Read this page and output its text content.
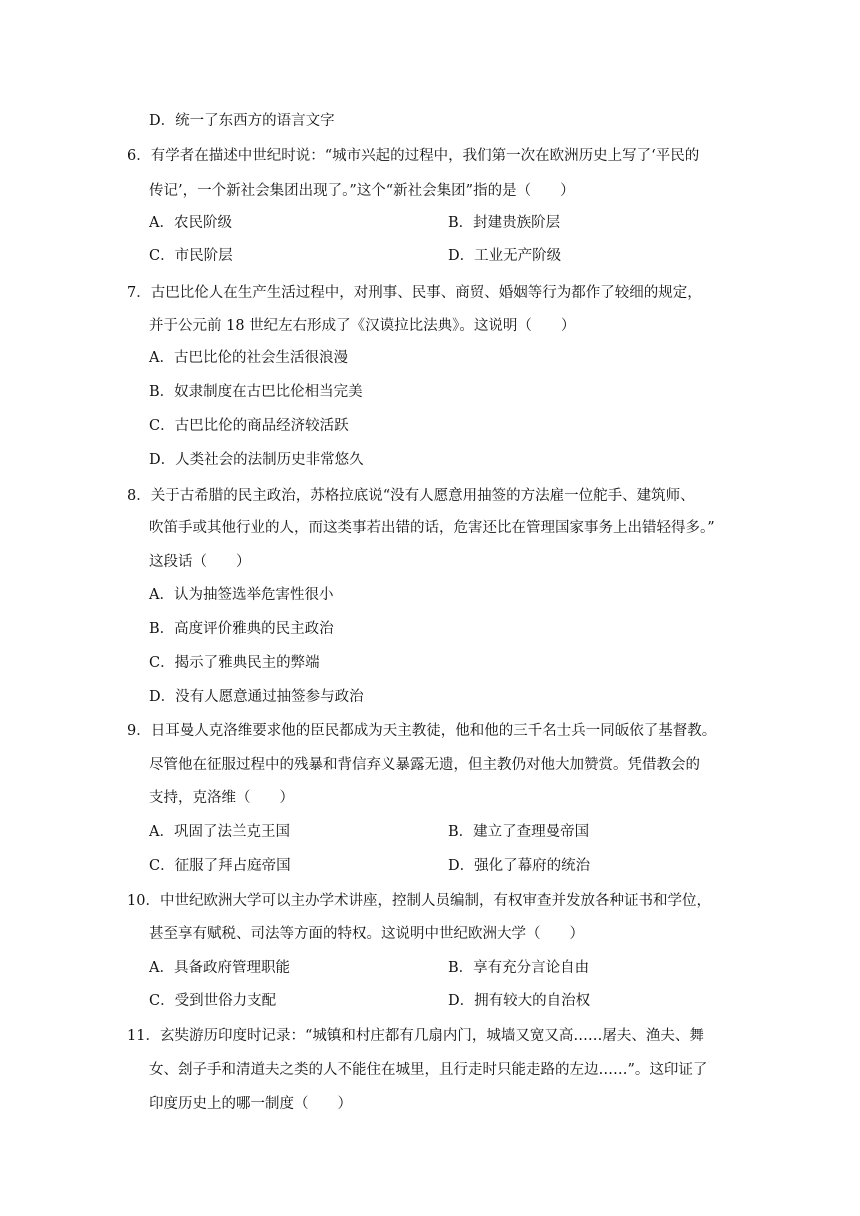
D．统一了东西方的语言文字
6．有学者在描述中世纪时说：“城市兴起的过程中，我们第一次在欧洲历史上写了‘平民的
传记’，一个新社会集团出现了。”这个“新社会集团”指的是（　　）
A．农民阶级	B．封建贵族阶层
C．市民阶层	D．工业无产阶级
7．古巴比伦人在生产生活过程中，对刑事、民事、商贸、婚姻等行为都作了较细的规定，
并于公元前 18 世纪左右形成了《汉谟拉比法典》。这说明（　　）
A．古巴比伦的社会生活很浪漫
B．奴隶制度在古巴比伦相当完美
C．古巴比伦的商品经济较活跃
D．人类社会的法制历史非常悠久
8．关于古希腊的民主政治，苏格拉底说“没有人愿意用抽签的方法雇一位舵手、建筑师、
吹笛手或其他行业的人，而这类事若出错的话，危害还比在管理国家事务上出错轻得多。”
这段话（　　）
A．认为抽签选举危害性很小
B．高度评价雅典的民主政治
C．揭示了雅典民主的弊端
D．没有人愿意通过抽签参与政治
9．日耳曼人克洛维要求他的臣民都成为天主教徒，他和他的三千名士兵一同皈依了基督教。
尽管他在征服过程中的残暴和背信弃义暴露无遗，但主教仍对他大加赞赏。凭借教会的
支持，克洛维（　　）
A．巩固了法兰克王国	B．建立了查理曼帝国
C．征服了拜占庭帝国	D．强化了幕府的统治
10．中世纪欧洲大学可以主办学术讲座，控制人员编制，有权审查并发放各种证书和学位，
甚至享有赋税、司法等方面的特权。这说明中世纪欧洲大学（　　）
A．具备政府管理职能	B．享有充分言论自由
C．受到世俗力支配	D．拥有较大的自治权
11．玄奘游历印度时记录：“城镇和村庄都有几扇内门，城墙又宽又高……屠夫、渔夫、舞
女、刽子手和清道夫之类的人不能住在城里，且行走时只能走路的左边……”。这印证了
印度历史上的哪一制度（　　）
